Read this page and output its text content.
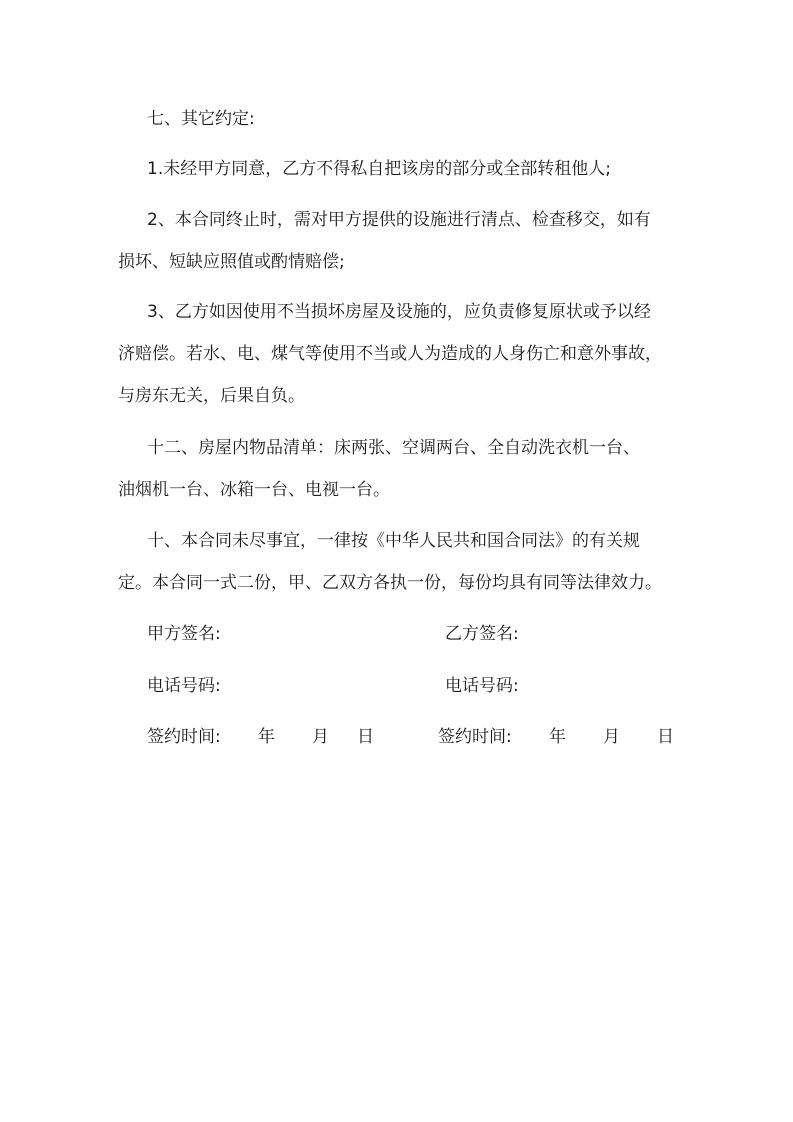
七、其它约定:
1.未经甲方同意，乙方不得私自把该房的部分或全部转租他人;
2、本合同终止时，需对甲方提供的设施进行清点、检查移交，如有
损坏、短缺应照值或酌情赔偿;
3、乙方如因使用不当损坏房屋及设施的，应负责修复原状或予以经
济赔偿。若水、电、煤气等使用不当或人为造成的人身伤亡和意外事故，
与房东无关，后果自负。
十二、房屋内物品清单：床两张、空调两台、全自动洗衣机一台、
油烟机一台、冰箱一台、电视一台。
十、本合同未尽事宜，一律按《中华人民共和国合同法》的有关规
定。本合同一式二份，甲、乙双方各执一份，每份均具有同等法律效力。
甲方签名:	乙方签名:
电话号码:	电话号码:
签约时间: 年 月 日	签约时间: 年 月 日
